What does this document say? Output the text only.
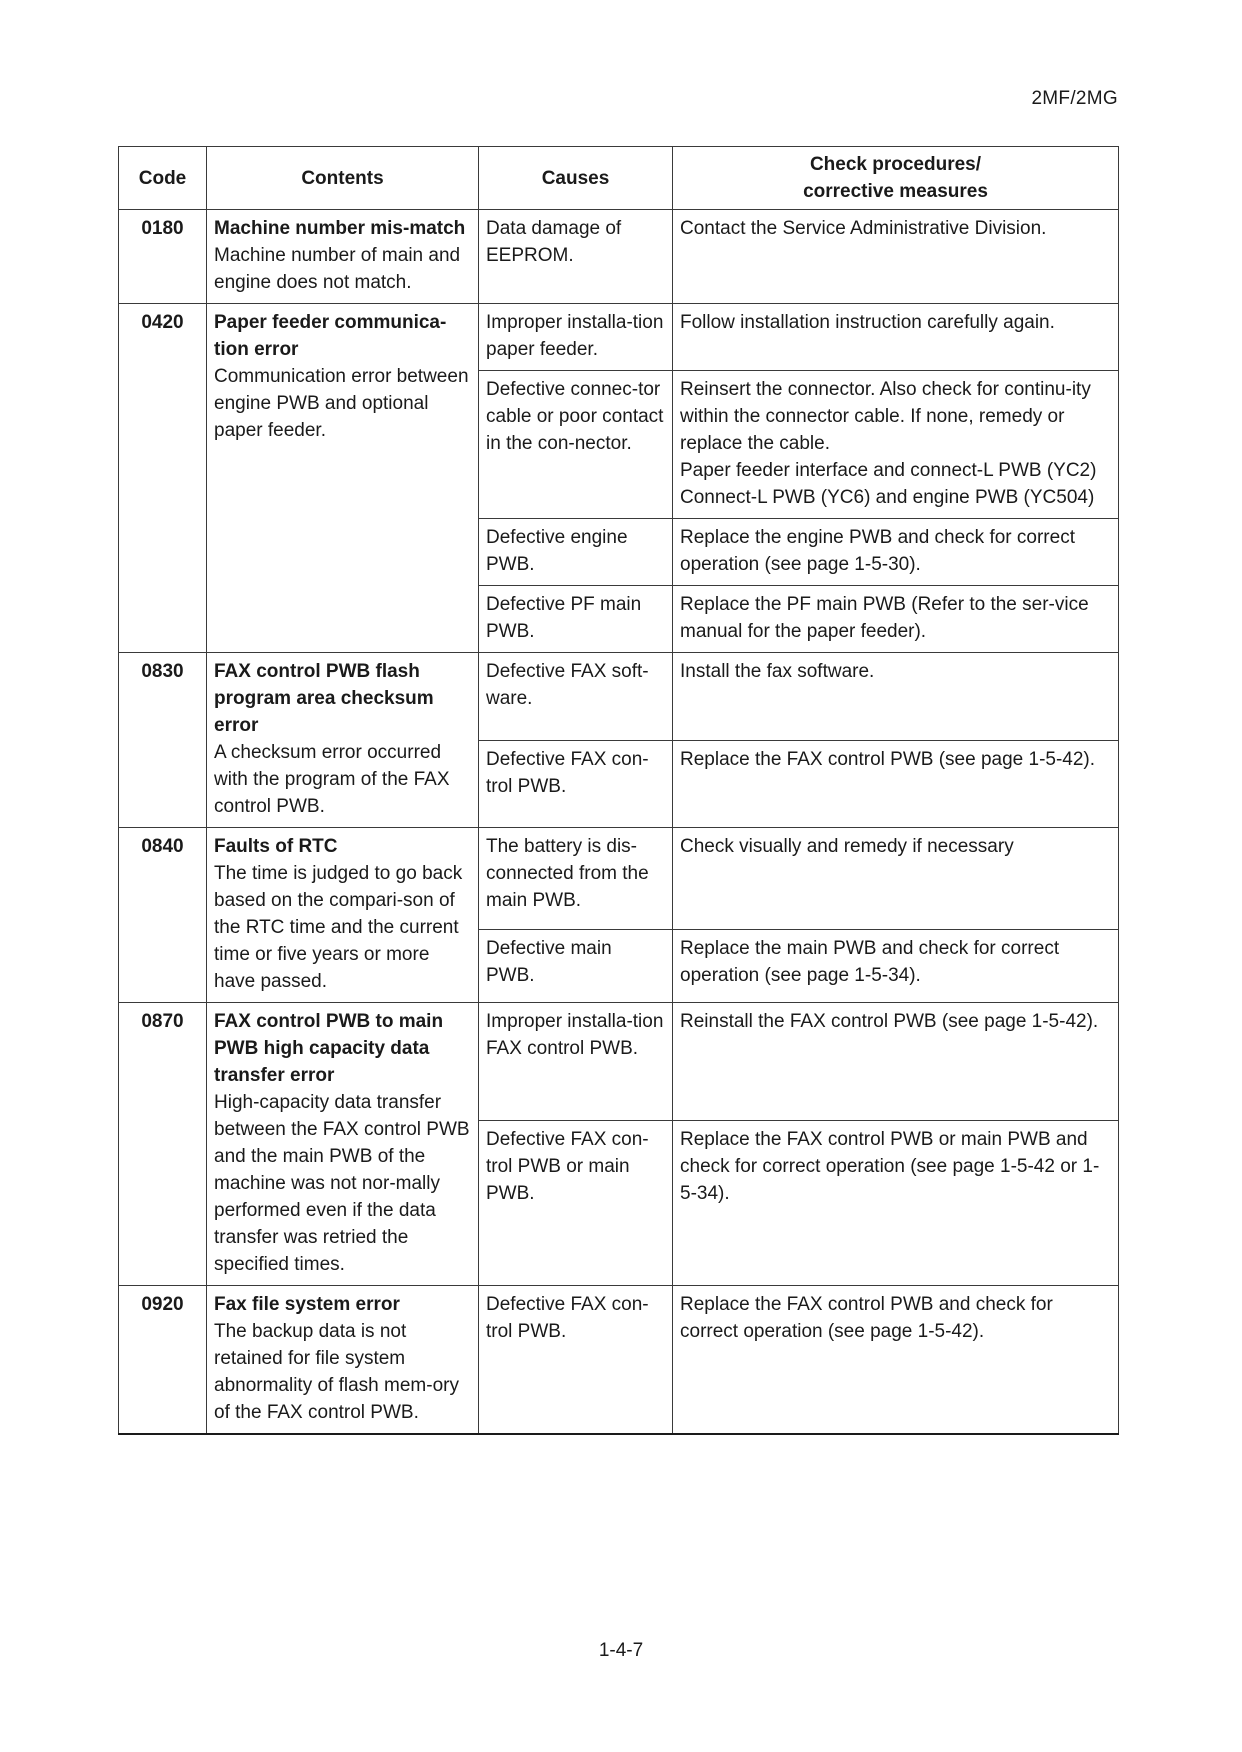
2MF/2MG
Code	Contents	Causes	Check procedures/
corrective measures

0180	Machine number mis-match
Machine number of main and engine does not match.	Data damage of EEPROM.	Contact the Service Administrative Division.

0420	Paper feeder communica-tion error
Communication error between engine PWB and optional paper feeder.	Improper installa-tion paper feeder.	Follow installation instruction carefully again.

		Defective connec-tor cable or poor contact in the con-nector.	Reinsert the connector. Also check for continu-ity within the connector cable. If none, remedy or replace the cable.
Paper feeder interface and connect-L PWB (YC2)
Connect-L PWB (YC6) and engine PWB (YC504)

		Defective engine PWB.	Replace the engine PWB and check for correct operation (see page 1-5-30).

		Defective PF main PWB.	Replace the PF main PWB (Refer to the ser-vice manual for the paper feeder).

0830	FAX control PWB flash program area checksum error
A checksum error occurred with the program of the FAX control PWB.	Defective FAX soft-ware.	Install the fax software.

		Defective FAX con-trol PWB.	Replace the FAX control PWB (see page 1-5-42).

0840	Faults of RTC
The time is judged to go back based on the compari-son of the RTC time and the current time or five years or more have passed.	The battery is dis-connected from the main PWB.	Check visually and remedy if necessary

		Defective main PWB.	Replace the main PWB and check for correct operation (see page 1-5-34).

0870	FAX control PWB to main PWB high capacity data transfer error
High-capacity data transfer between the FAX control PWB and the main PWB of the machine was not nor-mally performed even if the data transfer was retried the specified times.	Improper installa-tion FAX control PWB.	Reinstall the FAX control PWB (see page 1-5-42).

		Defective FAX con-trol PWB or main PWB.	Replace the FAX control PWB or main PWB and check for correct operation (see page 1-5-42 or 1-5-34).

0920	Fax file system error
The backup data is not retained for file system abnormality of flash mem-ory of the FAX control PWB.	Defective FAX con-trol PWB.	Replace the FAX control PWB and check for correct operation (see page 1-5-42).
1-4-7
